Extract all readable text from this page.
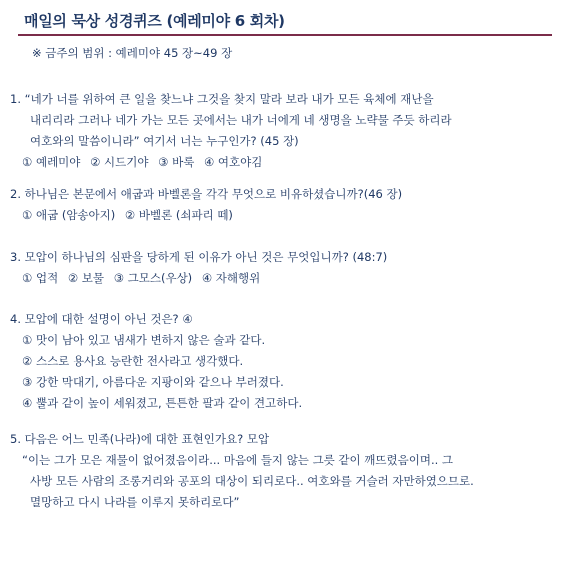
매일의 묵상 성경퀴즈 (예레미야 6 회차)
※ 금주의 범위 : 예레미야 45 장~49 장
1. “네가 너를 위하여 큰 일을 찾느냐 그것을 찾지 말라 보라 내가 모든 육체에 재난을
내리리라 그러나 네가 가는 모든 곳에서는 내가 너에게 네 생명을 노략물 주듯 하리라
여호와의 말씀이니라” 여기서 너는 누구인가? (45 장)
① 예레미야 ② 시드기야 ③ 바룩 ④ 여호야김
2. 하나님은 본문에서 애굽과 바벨론을 각각 무엇으로 비유하셨습니까?(46 장)
① 애굽 (암송아지) ② 바벨론 (쇠파리 떼)
3. 모압이 하나님의 심판을 당하게 된 이유가 아닌 것은 무엇입니까? (48:7)
① 업적 ② 보물 ③ 그모스(우상) ④ 자해행위
4. 모압에 대한 설명이 아닌 것은? ④
① 맛이 남아 있고 냄새가 변하지 않은 술과 같다.
② 스스로 용사요 능란한 전사라고 생각했다.
③ 강한 막대기, 아름다운 지팡이와 같으나 부러졌다.
④ 뿔과 같이 높이 세워졌고, 튼튼한 팔과 같이 견고하다.
5. 다음은 어느 민족(나라)에 대한 표현인가요? 모압
“이는 그가 모은 재물이 없어졌음이라... 마음에 들지 않는 그릇 같이 깨뜨렸음이며.. 그
사방 모든 사람의 조롱거리와 공포의 대상이 되리로다.. 여호와를 거슬러 자만하였으므로.
멸망하고 다시 나라를 이루지 못하리로다”
